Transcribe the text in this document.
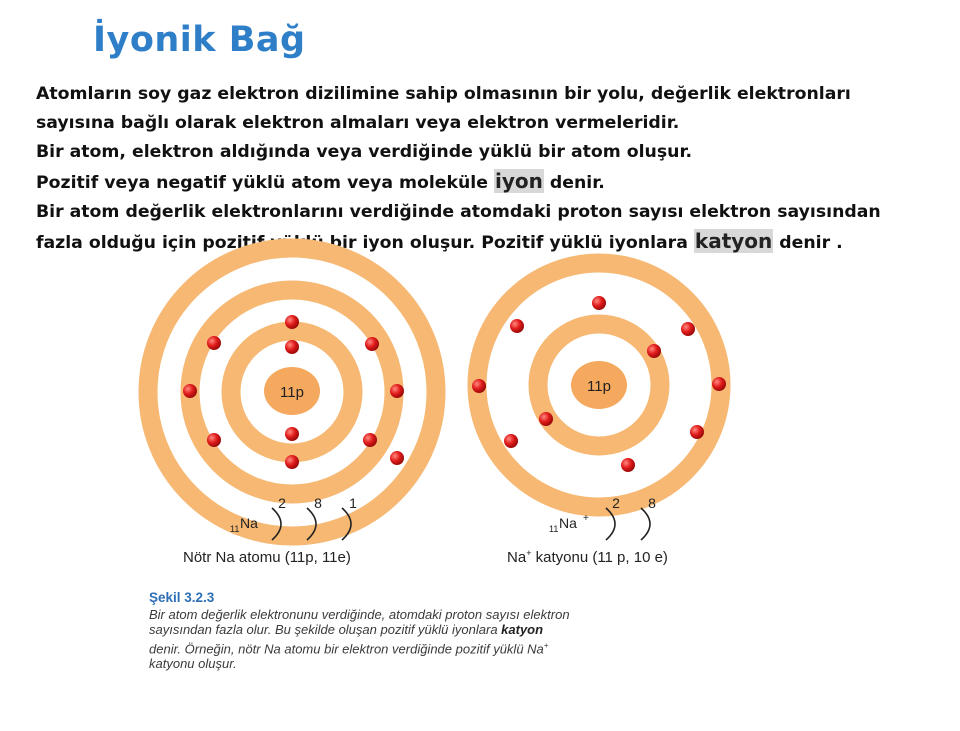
İyonik Bağ
Atomların soy gaz elektron dizilimine sahip olmasının bir yolu, değerlik elektronları
sayısına bağlı olarak elektron almaları veya elektron vermeleridir.
Bir atom, elektron aldığında veya verdiğinde yüklü bir atom oluşur.
Pozitif veya negatif yüklü atom veya moleküle iyon denir.
Bir atom değerlik elektronlarını verdiğinde atomdaki proton sayısı elektron sayısından
fazla olduğu için pozitif yüklü bir iyon oluşur. Pozitif yüklü iyonlara katyon denir .
11p	11p
11 Na
2 8 1
Nötr Na atomu (11p, 11e)
11 Na +
2 8
Na+ katyonu (11 p, 10 e)
Şekil 3.2.3
Bir atom değerlik elektronunu verdiğinde, atomdaki proton sayısı elektron
sayısından fazla olur. Bu şekilde oluşan pozitif yüklü iyonlara katyon
denir. Örneğin, nötr Na atomu bir elektron verdiğinde pozitif yüklü Na+
katyonu oluşur.
